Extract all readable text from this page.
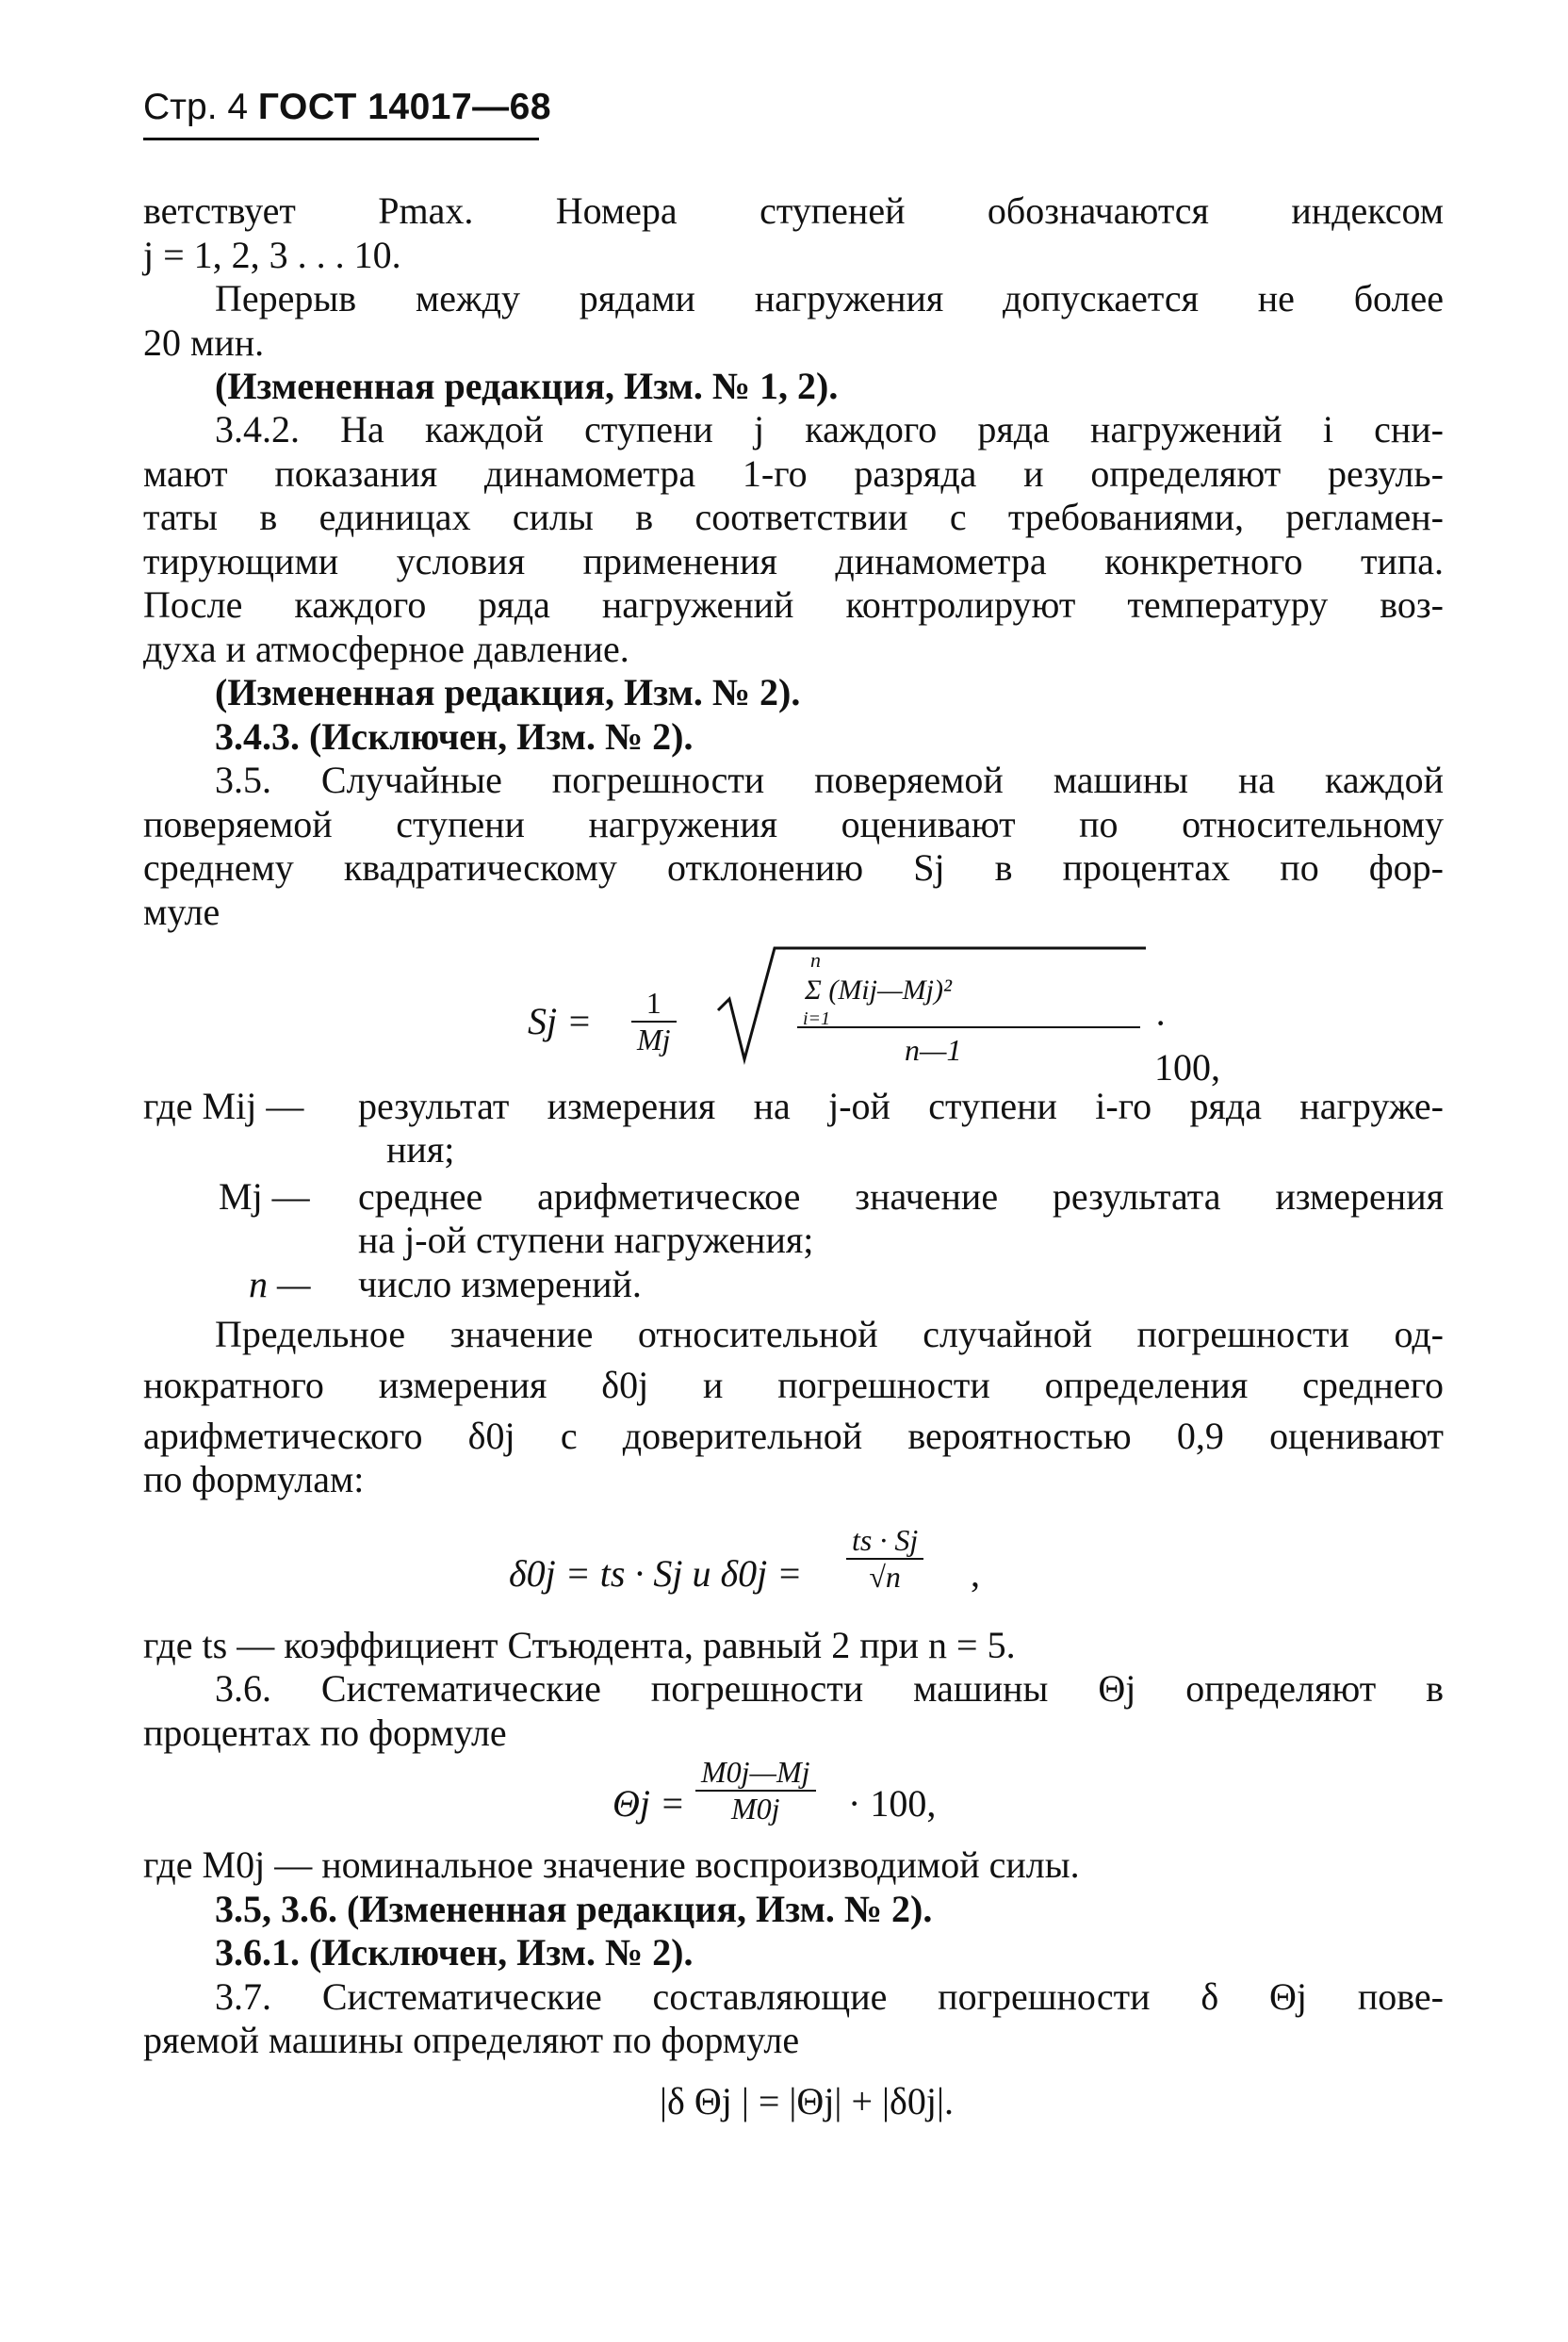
Стр. 4 ГОСТ 14017—68
ветствует Pmax. Номера ступеней обозначаются индексом
j = 1, 2, 3 . . . 10.
Перерыв между рядами нагружения допускается не более
20 мин.
(Измененная редакция, Изм. № 1, 2).
3.4.2. На каждой ступени j каждого ряда нагружений i сни-
мают показания динамометра 1-го разряда и определяют резуль-
таты в единицах силы в соответствии с требованиями, регламен-
тирующими условия применения динамометра конкретного типа.
После каждого ряда нагружений контролируют температуру воз-
духа и атмосферное давление.
(Измененная редакция, Изм. № 2).
3.4.3. (Исключен, Изм. № 2).
3.5. Случайные погрешности поверяемой машины на каждой
поверяемой ступени нагружения оценивают по относительному
среднему квадратическому отклонению Sj в процентах по фор-
муле
$Sj = \frac{1}{Mj}$
n
Σ (Mij—Mj)²
i=1
n—1
· 100,
где Mij — результат измерения на j-ой ступени i-го ряда нагруже-
ния;
Mj — среднее арифметическое значение результата измерения
на j-ой ступени нагружения;
n — число измерений.
Предельное значение относительной случайной погрешности од-
нократного измерения δ0j и погрешности определения среднего
арифметического δ0j с доверительной вероятностью 0,9 оценивают
по формулам:
δ0j = ts · Sj и $\delta 0j = \frac{ts \cdot Sj}{√n}$ ,
где ts — коэффициент Стъюдента, равный 2 при n = 5.
3.6. Систематические погрешности машины Θj определяют в
процентах по формуле
$\Theta j = \frac{M0j—Mj}{M0j} \cdot 100$,
где M0j — номинальное значение воспроизводимой силы.
3.5, 3.6. (Измененная редакция, Изм. № 2).
3.6.1. (Исключен, Изм. № 2).
3.7. Систематические составляющие погрешности δ Θj пове-
ряемой машины определяют по формуле
|δ Θj | = |Θj| + |δ0j|.
